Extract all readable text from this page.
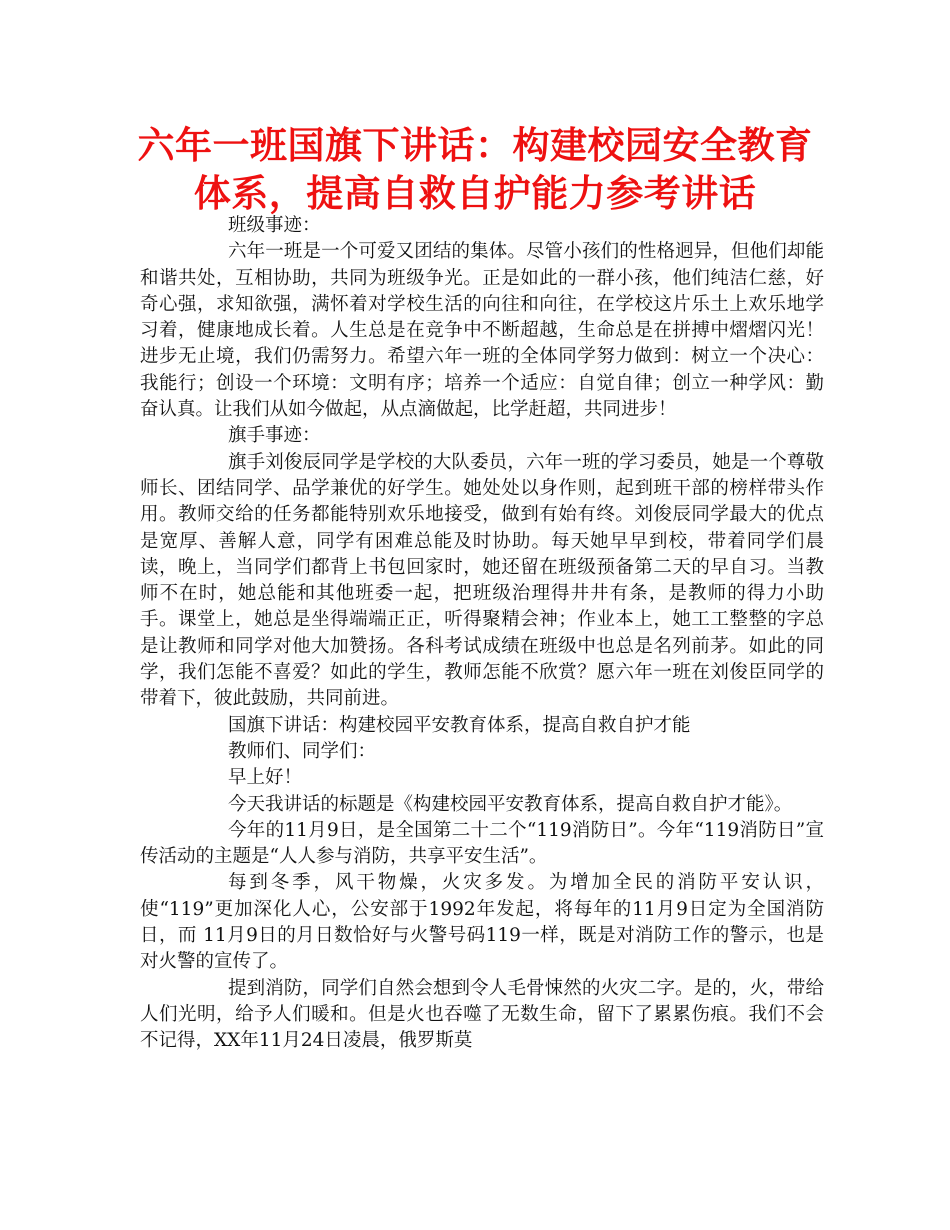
六年一班国旗下讲话：构建校园安全教育
体系，提高自救自护能力参考讲话

班级事迹：

六年一班是一个可爱又团结的集体。尽管小孩们的性格迥异，但他们却能和谐共处，互相协助，共同为班级争光。正是如此的一群小孩，他们纯洁仁慈，好奇心强，求知欲强，满怀着对学校生活的向往和向往，在学校这片乐土上欢乐地学习着，健康地成长着。人生总是在竞争中不断超越，生命总是在拼搏中熠熠闪光！进步无止境，我们仍需努力。希望六年一班的全体同学努力做到：树立一个决心：我能行；创设一个环境：文明有序；培养一个适应：自觉自律；创立一种学风：勤奋认真。让我们从如今做起，从点滴做起，比学赶超，共同进步！

旗手事迹：

旗手刘俊辰同学是学校的大队委员，六年一班的学习委员，她是一个尊敬师长、团结同学、品学兼优的好学生。她处处以身作则，起到班干部的榜样带头作用。教师交给的任务都能特别欢乐地接受，做到有始有终。刘俊辰同学最大的优点是宽厚、善解人意，同学有困难总能及时协助。每天她早早到校，带着同学们晨读，晚上，当同学们都背上书包回家时，她还留在班级预备第二天的早自习。当教师不在时，她总能和其他班委一起，把班级治理得井井有条，是教师的得力小助手。课堂上，她总是坐得端端正正，听得聚精会神；作业本上，她工工整整的字总是让教师和同学对他大加赞扬。各科考试成绩在班级中也总是名列前茅。如此的同学，我们怎能不喜爱？如此的学生，教师怎能不欣赏？愿六年一班在刘俊臣同学的带着下，彼此鼓励，共同前进。

国旗下讲话：构建校园平安教育体系，提高自救自护才能

教师们、同学们：

早上好！

今天我讲话的标题是《构建校园平安教育体系，提高自救自护才能》。

今年的11月9日，是全国第二十二个“119消防日”。今年“119消防日”宣传活动的主题是“人人参与消防，共享平安生活”。

每到冬季，风干物燥，火灾多发。为增加全民的消防平安认识，使“119”更加深化人心，公安部于1992年发起，将每年的11月9日定为全国消防日，而 11月9日的月日数恰好与火警号码119一样，既是对消防工作的警示，也是对火警的宣传了。

提到消防，同学们自然会想到令人毛骨悚然的火灾二字。是的，火，带给人们光明，给予人们暖和。但是火也吞噬了无数生命，留下了累累伤痕。我们不会不记得，XX年11月24日凌晨，俄罗斯莫
